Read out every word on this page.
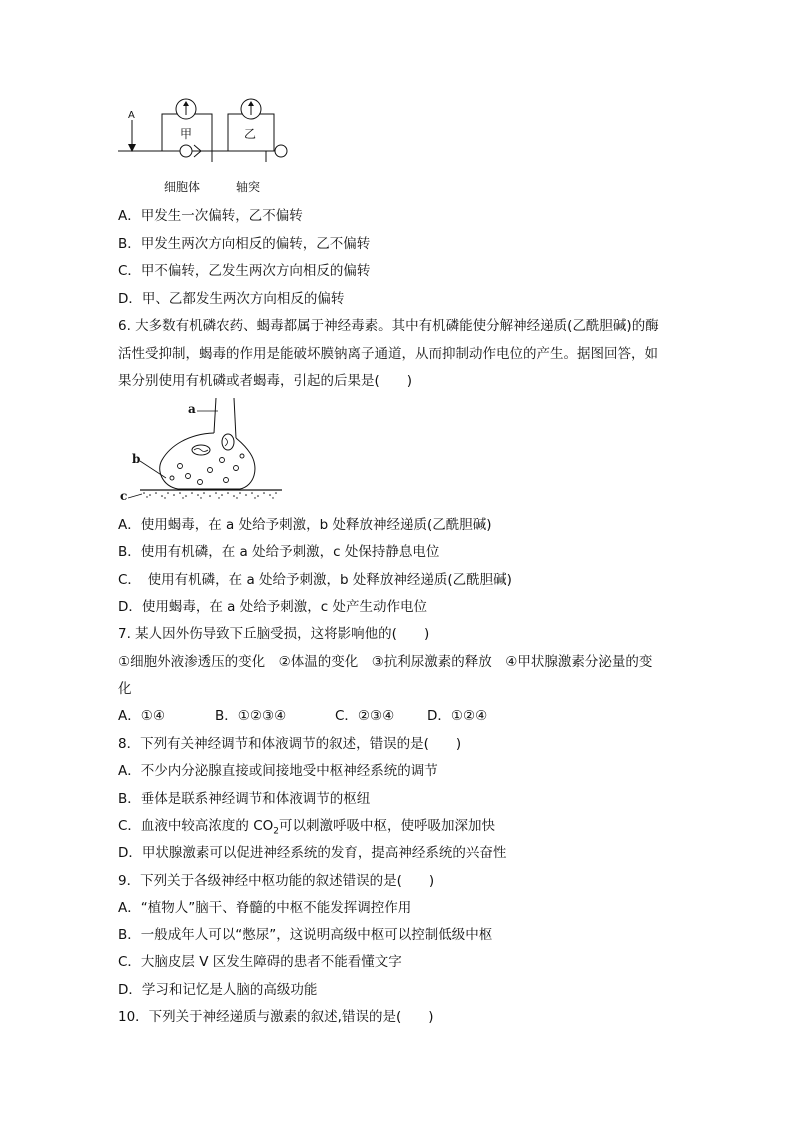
A
甲	乙
细胞体	轴突
A．甲发生一次偏转，乙不偏转
B．甲发生两次方向相反的偏转，乙不偏转
C．甲不偏转，乙发生两次方向相反的偏转
D．甲、乙都发生两次方向相反的偏转
6. 大多数有机磷农药、蝎毒都属于神经毒素。其中有机磷能使分解神经递质(乙酰胆碱)的酶
活性受抑制，蝎毒的作用是能破坏膜钠离子通道，从而抑制动作电位的产生。据图回答，如
果分别使用有机磷或者蝎毒，引起的后果是(　　)
a
b
c
A．使用蝎毒，在 a 处给予刺激，b 处释放神经递质(乙酰胆碱)
B．使用有机磷，在 a 处给予刺激，c 处保持静息电位
C．　使用有机磷，在 a 处给予刺激，b 处释放神经递质(乙酰胆碱)
D．使用蝎毒，在 a 处给予刺激，c 处产生动作电位
7. 某人因外伤导致下丘脑受损，这将影响他的(　　)
①细胞外液渗透压的变化　②体温的变化　③抗利尿激素的释放　④甲状腺激素分泌量的变
化
A．①④	B．①②③④	C．②③④ D．①②④
8．下列有关神经调节和体液调节的叙述，错误的是(　　)
A．不少内分泌腺直接或间接地受中枢神经系统的调节
B．垂体是联系神经调节和体液调节的枢纽
C．血液中较高浓度的 $CO_2$可以刺激呼吸中枢，使呼吸加深加快
D．甲状腺激素可以促进神经系统的发育，提高神经系统的兴奋性
9．下列关于各级神经中枢功能的叙述错误的是(　　)
A．“植物人”脑干、脊髓的中枢不能发挥调控作用
B．一般成年人可以“憋尿”，这说明高级中枢可以控制低级中枢
C．大脑皮层 V 区发生障碍的患者不能看懂文字
D．学习和记忆是人脑的高级功能
10．下列关于神经递质与激素的叙述,错误的是(　　)
